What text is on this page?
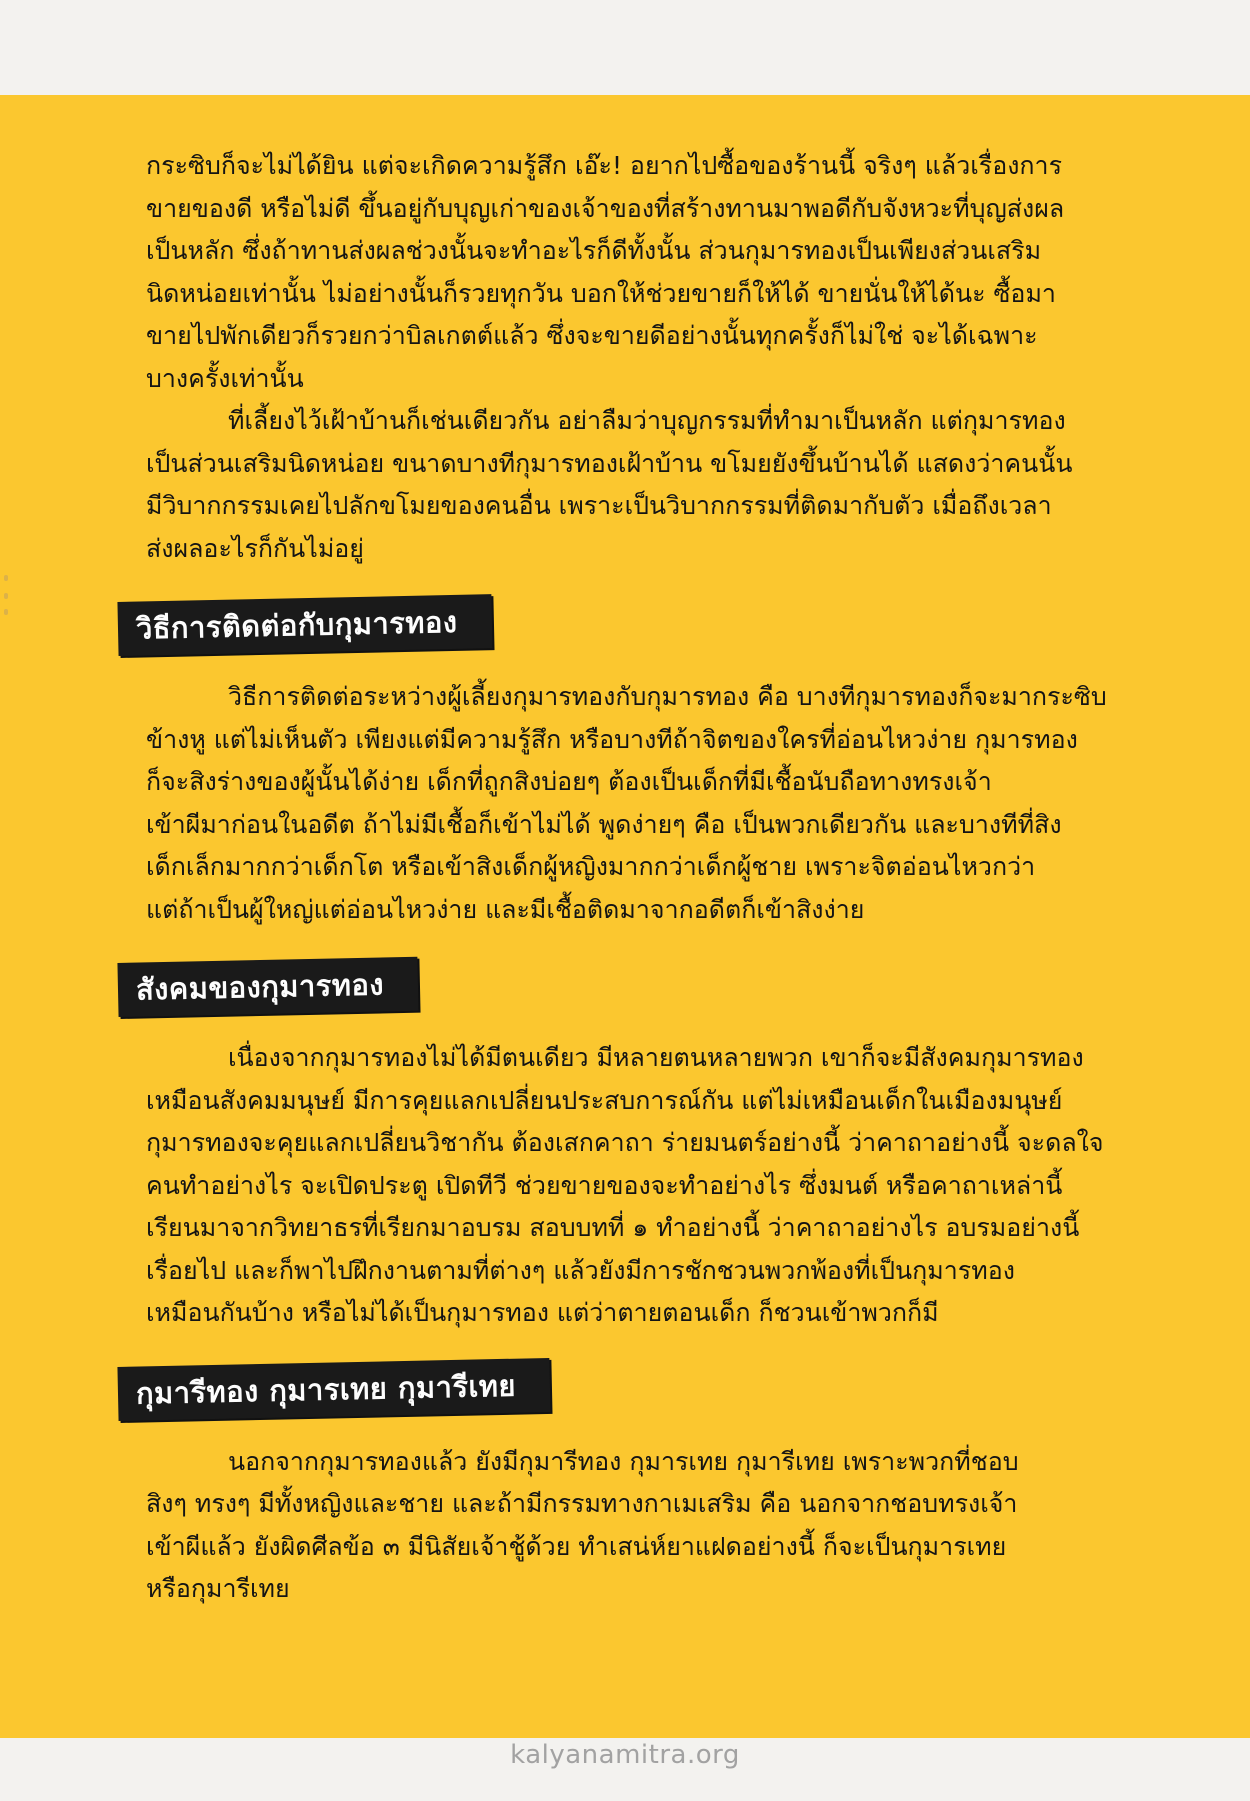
กระซิบก็จะไม่ได้ยิน แต่จะเกิดความรู้สึก เอ๊ะ! อยากไปซื้อของร้านนี้ จริงๆ แล้วเรื่องการ
ขายของดี หรือไม่ดี ขึ้นอยู่กับบุญเก่าของเจ้าของที่สร้างทานมาพอดีกับจังหวะที่บุญส่งผล
เป็นหลัก ซึ่งถ้าทานส่งผลช่วงนั้นจะทำอะไรก็ดีทั้งนั้น ส่วนกุมารทองเป็นเพียงส่วนเสริม
นิดหน่อยเท่านั้น ไม่อย่างนั้นก็รวยทุกวัน บอกให้ช่วยขายก็ให้ได้ ขายนั่นให้ได้นะ ซื้อมา
ขายไปพักเดียวก็รวยกว่าบิลเกตต์แล้ว ซึ่งจะขายดีอย่างนั้นทุกครั้งก็ไม่ใช่ จะได้เฉพาะ
บางครั้งเท่านั้น

ที่เลี้ยงไว้เฝ้าบ้านก็เช่นเดียวกัน อย่าลืมว่าบุญกรรมที่ทำมาเป็นหลัก แต่กุมารทอง
เป็นส่วนเสริมนิดหน่อย ขนาดบางทีกุมารทองเฝ้าบ้าน ขโมยยังขึ้นบ้านได้ แสดงว่าคนนั้น
มีวิบากกรรมเคยไปลักขโมยของคนอื่น เพราะเป็นวิบากกรรมที่ติดมากับตัว เมื่อถึงเวลา
ส่งผลอะไรก็กันไม่อยู่

วิธีการติดต่อกับกุมารทอง

วิธีการติดต่อระหว่างผู้เลี้ยงกุมารทองกับกุมารทอง คือ บางทีกุมารทองก็จะมากระซิบ
ข้างหู แต่ไม่เห็นตัว เพียงแต่มีความรู้สึก หรือบางทีถ้าจิตของใครที่อ่อนไหวง่าย กุมารทอง
ก็จะสิงร่างของผู้นั้นได้ง่าย เด็กที่ถูกสิงบ่อยๆ ต้องเป็นเด็กที่มีเชื้อนับถือทางทรงเจ้า
เข้าผีมาก่อนในอดีต ถ้าไม่มีเชื้อก็เข้าไม่ได้ พูดง่ายๆ คือ เป็นพวกเดียวกัน และบางทีที่สิง
เด็กเล็กมากกว่าเด็กโต หรือเข้าสิงเด็กผู้หญิงมากกว่าเด็กผู้ชาย เพราะจิตอ่อนไหวกว่า
แต่ถ้าเป็นผู้ใหญ่แต่อ่อนไหวง่าย และมีเชื้อติดมาจากอดีตก็เข้าสิงง่าย

สังคมของกุมารทอง

เนื่องจากกุมารทองไม่ได้มีตนเดียว มีหลายตนหลายพวก เขาก็จะมีสังคมกุมารทอง
เหมือนสังคมมนุษย์ มีการคุยแลกเปลี่ยนประสบการณ์กัน แต่ไม่เหมือนเด็กในเมืองมนุษย์
กุมารทองจะคุยแลกเปลี่ยนวิชากัน ต้องเสกคาถา ร่ายมนตร์อย่างนี้ ว่าคาถาอย่างนี้ จะดลใจ
คนทำอย่างไร จะเปิดประตู เปิดทีวี ช่วยขายของจะทำอย่างไร ซึ่งมนต์ หรือคาถาเหล่านี้
เรียนมาจากวิทยาธรที่เรียกมาอบรม สอบบทที่ ๑ ทำอย่างนี้ ว่าคาถาอย่างไร อบรมอย่างนี้
เรื่อยไป และก็พาไปฝึกงานตามที่ต่างๆ แล้วยังมีการชักชวนพวกพ้องที่เป็นกุมารทอง
เหมือนกันบ้าง หรือไม่ได้เป็นกุมารทอง แต่ว่าตายตอนเด็ก ก็ชวนเข้าพวกก็มี

กุมารีทอง กุมารเทย กุมารีเทย

นอกจากกุมารทองแล้ว ยังมีกุมารีทอง กุมารเทย กุมารีเทย เพราะพวกที่ชอบ
สิงๆ ทรงๆ มีทั้งหญิงและชาย และถ้ามีกรรมทางกาเมเสริม คือ นอกจากชอบทรงเจ้า
เข้าผีแล้ว ยังผิดศีลข้อ ๓ มีนิสัยเจ้าชู้ด้วย ทำเสน่ห์ยาแฝดอย่างนี้ ก็จะเป็นกุมารเทย
หรือกุมารีเทย

kalyanamitra.org
